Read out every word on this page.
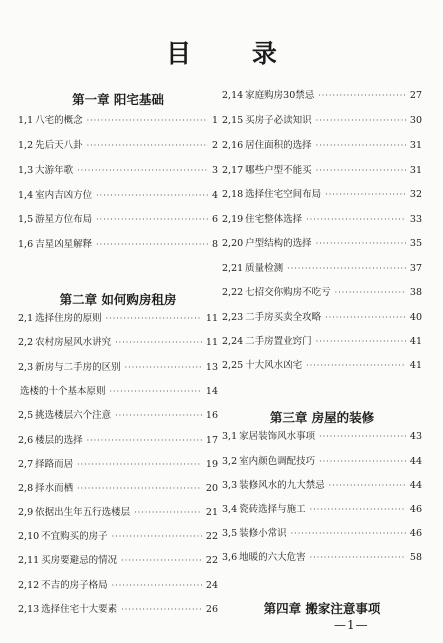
目 录
第一章 阳宅基础
1,1 八宅的概念 ·····	1
1,2 先后天八卦 ·····	2
1,3 大游年歌 ·····	3
1,4 室内吉凶方位 ·····	4
1,5 游星方位布局 ·····	6
1,6 吉星凶星解释 ·····	8
第二章 如何购房租房
2,1 选择住房的原则 ·····	11
2,2 农村房屋风水讲究 ·····	11
2,3 新房与二手房的区别 ·····	13
选楼的十个基本原则 ·····	14
2,5 挑选楼层六个注意 ·····	16
2,6 楼层的选择 ·····	17
2,7 择路而居 ·····	19
2,8 择水而栖 ·····	20
2,9 依据出生年五行选楼层 ·····	21
2,10 不宜购买的房子 ·····	22
2,11 买房要避忌的情况 ·····	22
2,12 不吉的房子格局 ·····	24
2,13 选择住宅十大要素 ·····	26
2,14 家庭购房30禁忌 ·····	27
2,15 买房子必读知识 ·····	30
2,16 居住面积的选择 ·····	31
2,17 哪些户型不能买 ·····	31
2,18 选择住宅空间布局 ·····	32
2,19 住宅整体选择 ·····	33
2,20 户型结构的选择 ·····	35
2,21 质量检测 ·····	37
2,22 七招交你购房不吃亏 ·····	38
2,23 二手房买卖全攻略 ·····	40
2,24 二手房置业窍门 ·····	41
2,25 十大风水凶宅 ·····	41
第三章 房屋的装修
3,1 家居装饰风水事项 ·····	43
3,2 室内颜色调配技巧 ·····	44
3,3 装修风水的九大禁忌 ·····	44
3,4 瓷砖选择与施工 ·····	46
3,5 装修小常识 ·····	46
3,6 地暖的六大危害 ·····	58
第四章 搬家注意事项
—1—
